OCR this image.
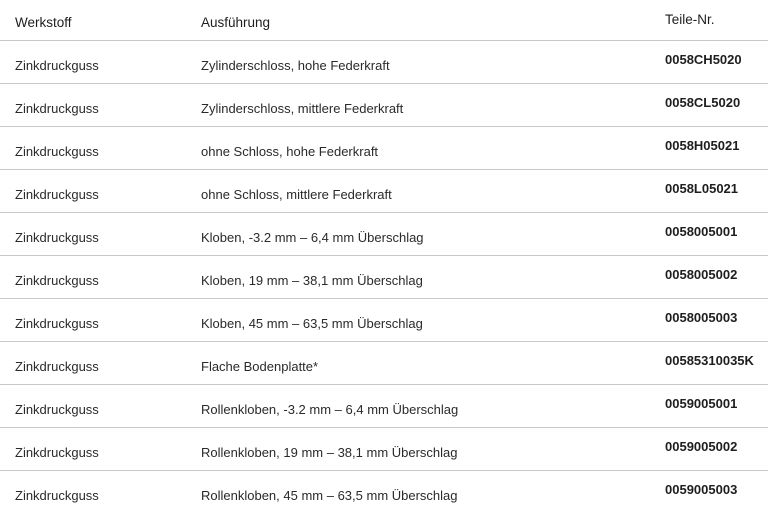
Werkstoff	Ausführung	Teile-Nr.
Zinkdruckguss	Zylinderschloss, hohe Federkraft	0058CH5020
Zinkdruckguss	Zylinderschloss, mittlere Federkraft	0058CL5020
Zinkdruckguss	ohne Schloss, hohe Federkraft	0058H05021
Zinkdruckguss	ohne Schloss, mittlere Federkraft	0058L05021
Zinkdruckguss	Kloben, -3.2 mm – 6,4 mm Überschlag	0058005001
Zinkdruckguss	Kloben, 19 mm – 38,1 mm Überschlag	0058005002
Zinkdruckguss	Kloben, 45 mm – 63,5 mm Überschlag	0058005003
Zinkdruckguss	Flache Bodenplatte*	00585310035K
Zinkdruckguss	Rollenkloben, -3.2 mm – 6,4 mm Überschlag	0059005001
Zinkdruckguss	Rollenkloben, 19 mm – 38,1 mm Überschlag	0059005002
Zinkdruckguss	Rollenkloben, 45 mm – 63,5 mm Überschlag	0059005003
